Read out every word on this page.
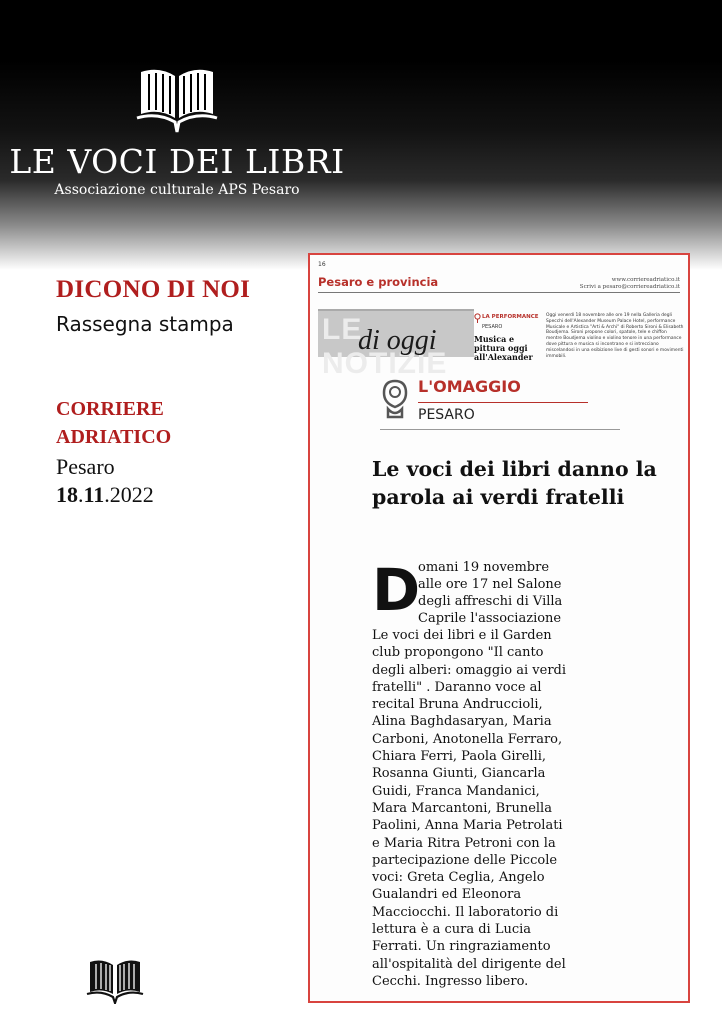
LE VOCI DEI LIBRI
Associazione culturale APS Pesaro
DICONO DI NOI
Rassegna stampa
CORRIERE
ADRIATICO
Pesaro
18.11.2022
16
Pesaro e provincia	www.corriereadriatico.it
Scrivi a pesaro@corriereadriatico.it
LE NOTIZIE
di oggi
LA PERFORMANCE
PESARO
Musica e pittura oggi all'Alexander
Oggi venerdì 18 novembre alle ore 19 nella Galleria degli Specchi dell'Alexander Museum Palace Hotel, performance Musicale e Artistica "Arti & Archi" di Roberto Sironi & Elisabeth Boudjema. Sironi propone colori, spatole, tele e chiffon mentre Boudjema violino e violino tenore in una performance dove pittura e musica si incontrano e si intrecciano miscelandosi in una esibizione live di gesti sonori e movimenti immobili.
L'OMAGGIO
PESARO
Le voci dei libri danno la parola ai verdi fratelli
D
omani 19 novembre
alle ore 17 nel Salone
degli affreschi di Villa
Caprile l'associazione
Le voci dei libri e il Garden
club propongono "Il canto
degli alberi: omaggio ai verdi
fratelli" . Daranno voce al
recital Bruna Andruccioli,
Alina Baghdasaryan, Maria
Carboni, Anotonella Ferraro,
Chiara Ferri, Paola Girelli,
Rosanna Giunti, Giancarla
Guidi, Franca Mandanici,
Mara Marcantoni, Brunella
Paolini, Anna Maria Petrolati
e Maria Ritra Petroni con la
partecipazione delle Piccole
voci: Greta Ceglia, Angelo
Gualandri ed Eleonora
Macciocchi. Il laboratorio di
lettura è a cura di Lucia
Ferrati. Un ringraziamento
all'ospitalità del dirigente del
Cecchi. Ingresso libero.
